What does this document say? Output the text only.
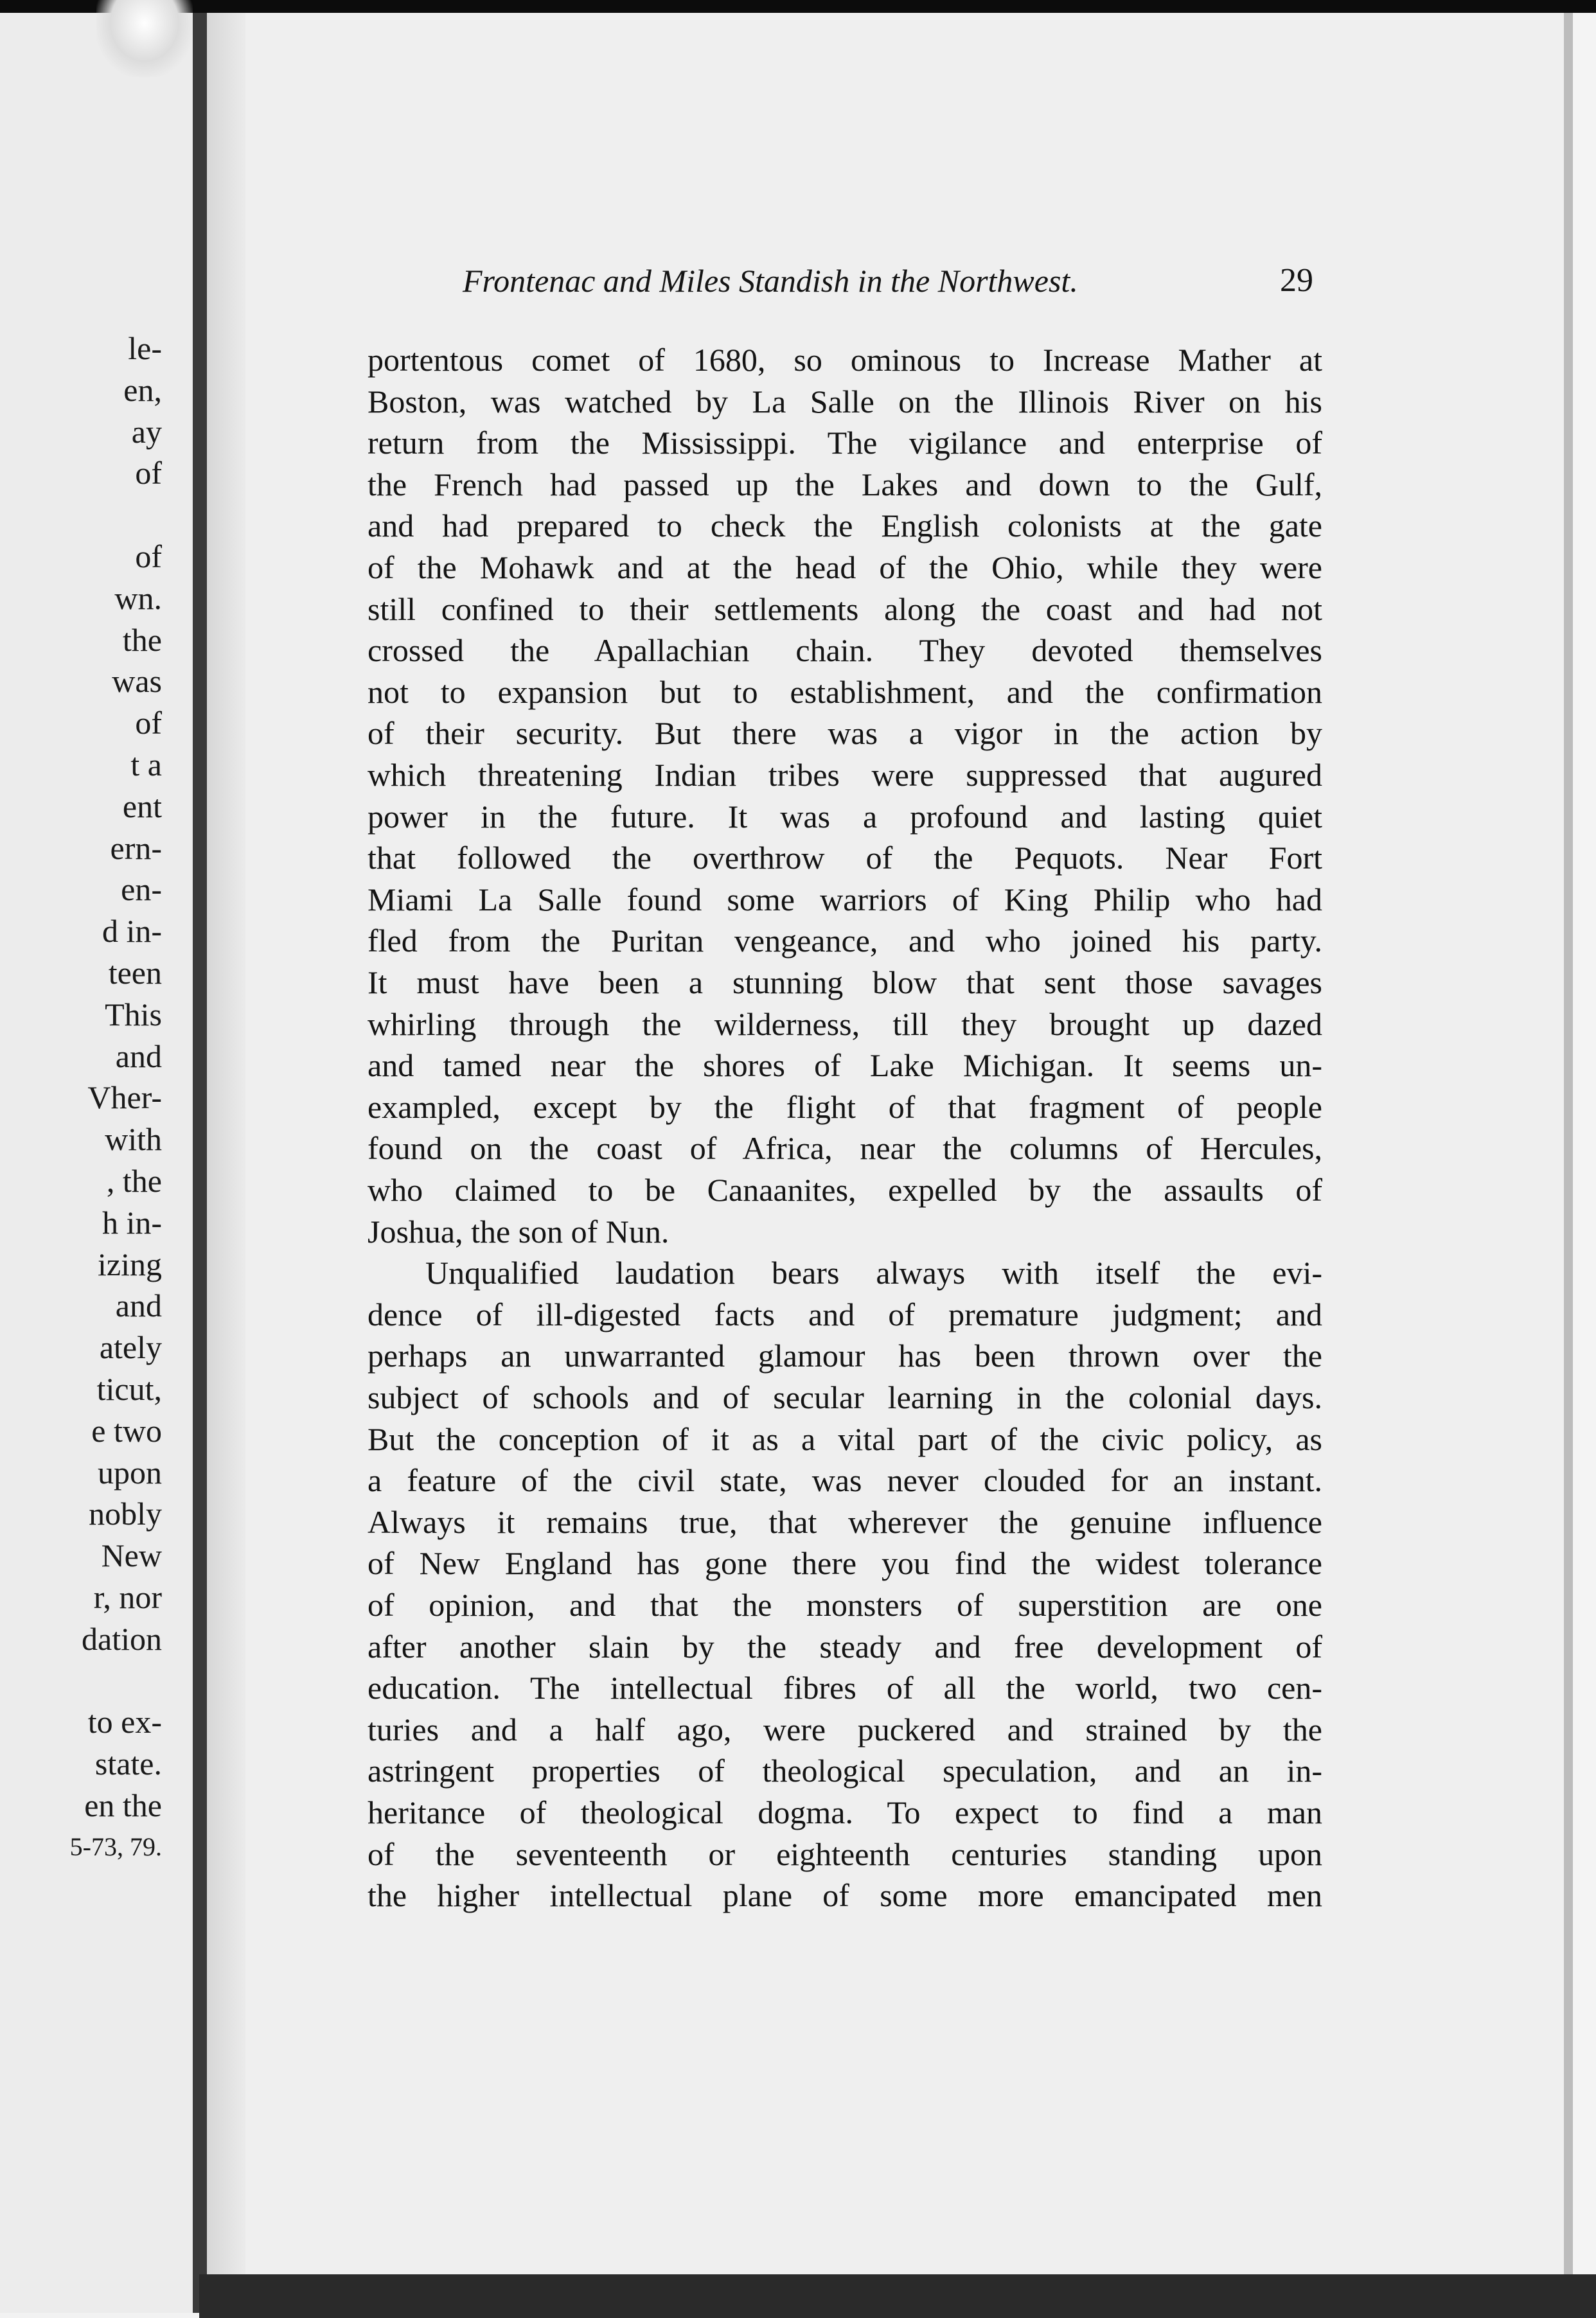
le-
en,
ay
of
of
wn.
the
was
of
t a
ent
ern-
en-
d in-
teen
This
and
Vher-
with
, the
h in-
izing
and
ately
ticut,
e two
upon
nobly
New
r, nor
dation
to ex-
state.
en the
5-73, 79.
Frontenac and Miles Standish in the Northwest.	29
portentous comet of 1680, so ominous to Increase Mather at
Boston, was watched by La Salle on the Illinois River on his
return from the Mississippi. The vigilance and enterprise of
the French had passed up the Lakes and down to the Gulf,
and had prepared to check the English colonists at the gate
of the Mohawk and at the head of the Ohio, while they were
still confined to their settlements along the coast and had not
crossed the Apallachian chain. They devoted themselves
not to expansion but to establishment, and the confirmation
of their security. But there was a vigor in the action by
which threatening Indian tribes were suppressed that augured
power in the future. It was a profound and lasting quiet
that followed the overthrow of the Pequots. Near Fort
Miami La Salle found some warriors of King Philip who had
fled from the Puritan vengeance, and who joined his party.
It must have been a stunning blow that sent those savages
whirling through the wilderness, till they brought up dazed
and tamed near the shores of Lake Michigan. It seems un-
exampled, except by the flight of that fragment of people
found on the coast of Africa, near the columns of Hercules,
who claimed to be Canaanites, expelled by the assaults of
Joshua, the son of Nun.
Unqualified laudation bears always with itself the evi-
dence of ill-digested facts and of premature judgment; and
perhaps an unwarranted glamour has been thrown over the
subject of schools and of secular learning in the colonial days.
But the conception of it as a vital part of the civic policy, as
a feature of the civil state, was never clouded for an instant.
Always it remains true, that wherever the genuine influence
of New England has gone there you find the widest tolerance
of opinion, and that the monsters of superstition are one
after another slain by the steady and free development of
education. The intellectual fibres of all the world, two cen-
turies and a half ago, were puckered and strained by the
astringent properties of theological speculation, and an in-
heritance of theological dogma. To expect to find a man
of the seventeenth or eighteenth centuries standing upon
the higher intellectual plane of some more emancipated men
